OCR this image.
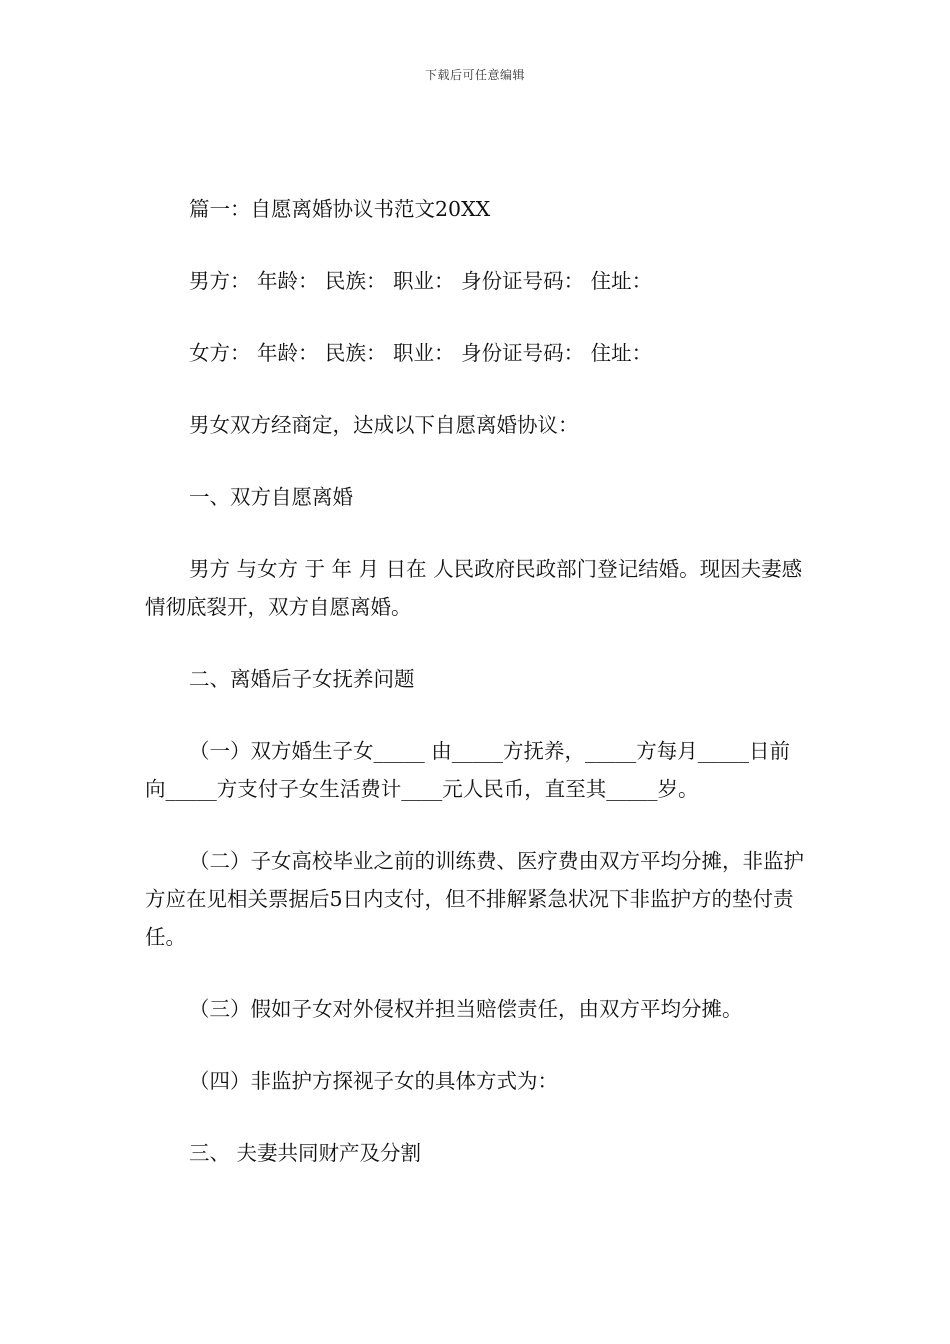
下载后可任意编辑

篇一：自愿离婚协议书范文20XX

男方： 年龄： 民族： 职业： 身份证号码： 住址：

女方： 年龄： 民族： 职业： 身份证号码： 住址：

男女双方经商定，达成以下自愿离婚协议：

一、双方自愿离婚

男方 与女方 于 年 月 日在 人民政府民政部门登记结婚。现因夫妻感情彻底裂开，双方自愿离婚。

二、离婚后子女抚养问题

（一）双方婚生子女_____ 由_____方抚养，_____方每月_____日前向_____方支付子女生活费计____元人民币，直至其_____岁。

（二）子女高校毕业之前的训练费、医疗费由双方平均分摊，非监护方应在见相关票据后5日内支付，但不排解紧急状况下非监护方的垫付责任。

（三）假如子女对外侵权并担当赔偿责任，由双方平均分摊。

（四）非监护方探视子女的具体方式为：

三、 夫妻共同财产及分割
